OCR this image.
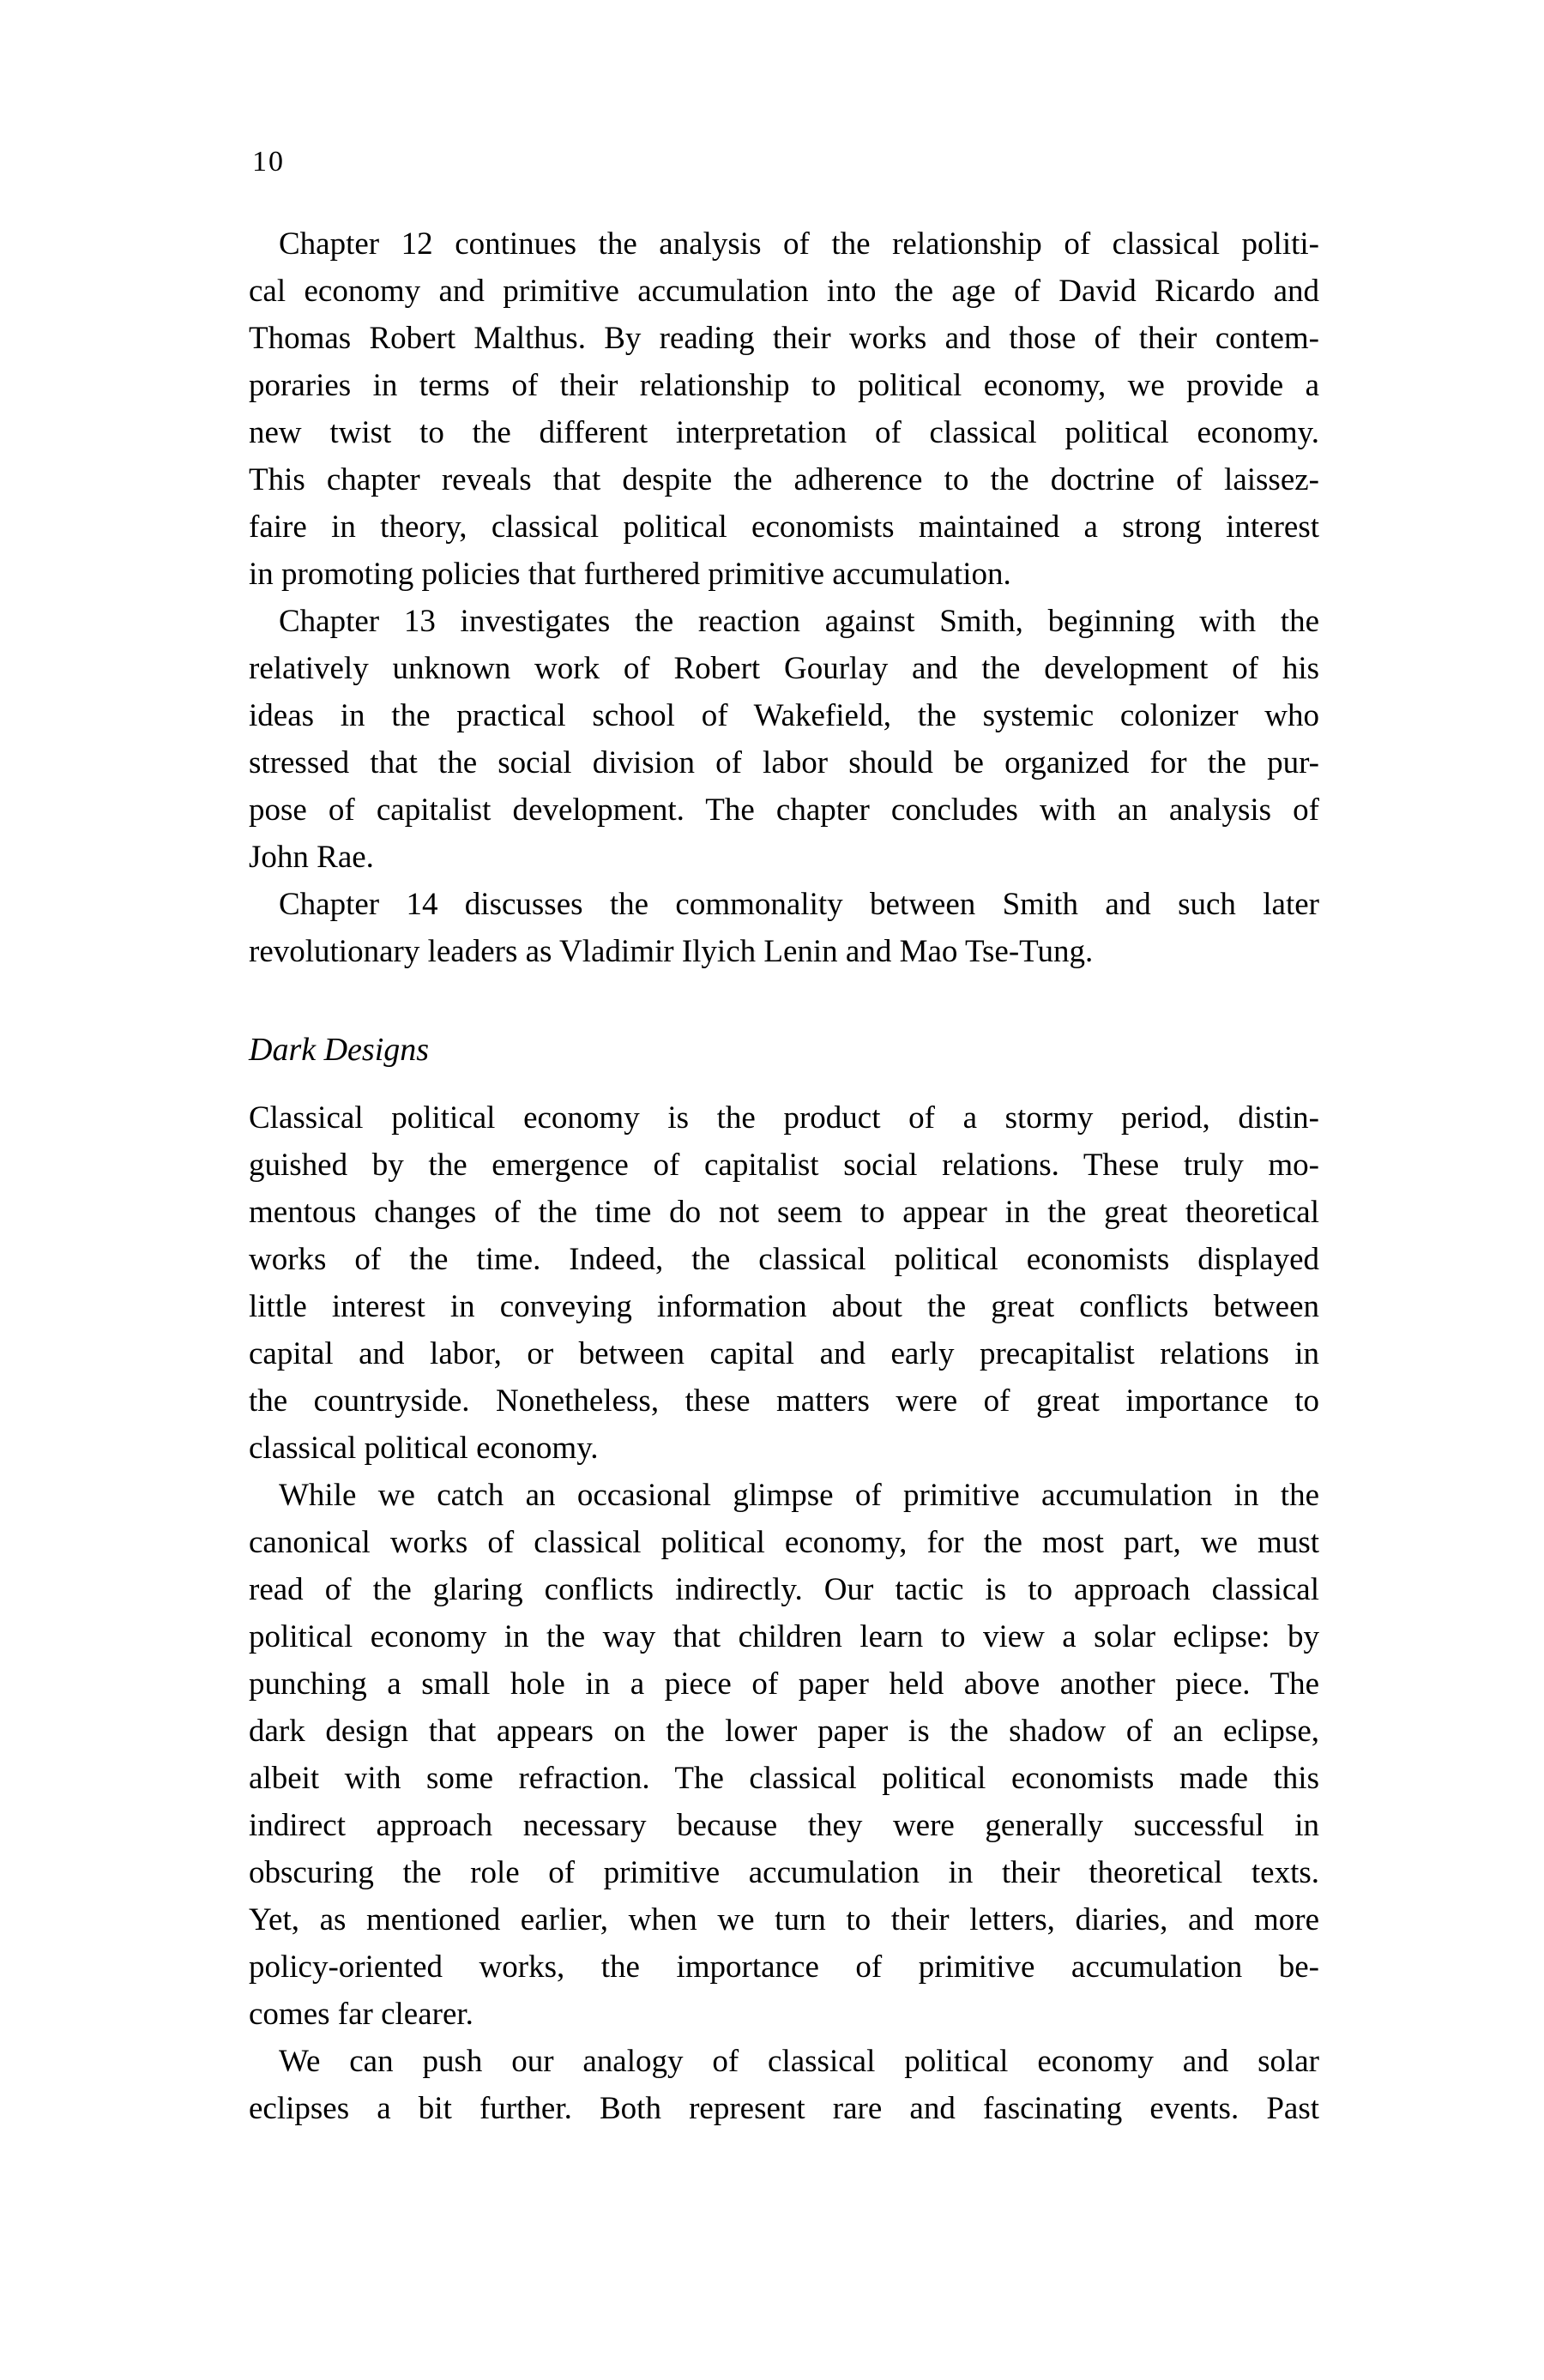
10
Chapter 12 continues the analysis of the relationship of classical politi-
cal economy and primitive accumulation into the age of David Ricardo and
Thomas Robert Malthus. By reading their works and those of their contem-
poraries in terms of their relationship to political economy, we provide a
new twist to the different interpretation of classical political economy.
This chapter reveals that despite the adherence to the doctrine of laissez-
faire in theory, classical political economists maintained a strong interest
in promoting policies that furthered primitive accumulation.
Chapter 13 investigates the reaction against Smith, beginning with the
relatively unknown work of Robert Gourlay and the development of his
ideas in the practical school of Wakefield, the systemic colonizer who
stressed that the social division of labor should be organized for the pur-
pose of capitalist development. The chapter concludes with an analysis of
John Rae.
Chapter 14 discusses the commonality between Smith and such later
revolutionary leaders as Vladimir Ilyich Lenin and Mao Tse-Tung.
Dark Designs
Classical political economy is the product of a stormy period, distin-
guished by the emergence of capitalist social relations. These truly mo-
mentous changes of the time do not seem to appear in the great theoretical
works of the time. Indeed, the classical political economists displayed
little interest in conveying information about the great conflicts between
capital and labor, or between capital and early precapitalist relations in
the countryside. Nonetheless, these matters were of great importance to
classical political economy.
While we catch an occasional glimpse of primitive accumulation in the
canonical works of classical political economy, for the most part, we must
read of the glaring conflicts indirectly. Our tactic is to approach classical
political economy in the way that children learn to view a solar eclipse: by
punching a small hole in a piece of paper held above another piece. The
dark design that appears on the lower paper is the shadow of an eclipse,
albeit with some refraction. The classical political economists made this
indirect approach necessary because they were generally successful in
obscuring the role of primitive accumulation in their theoretical texts.
Yet, as mentioned earlier, when we turn to their letters, diaries, and more
policy-oriented works, the importance of primitive accumulation be-
comes far clearer.
We can push our analogy of classical political economy and solar
eclipses a bit further. Both represent rare and fascinating events. Past
